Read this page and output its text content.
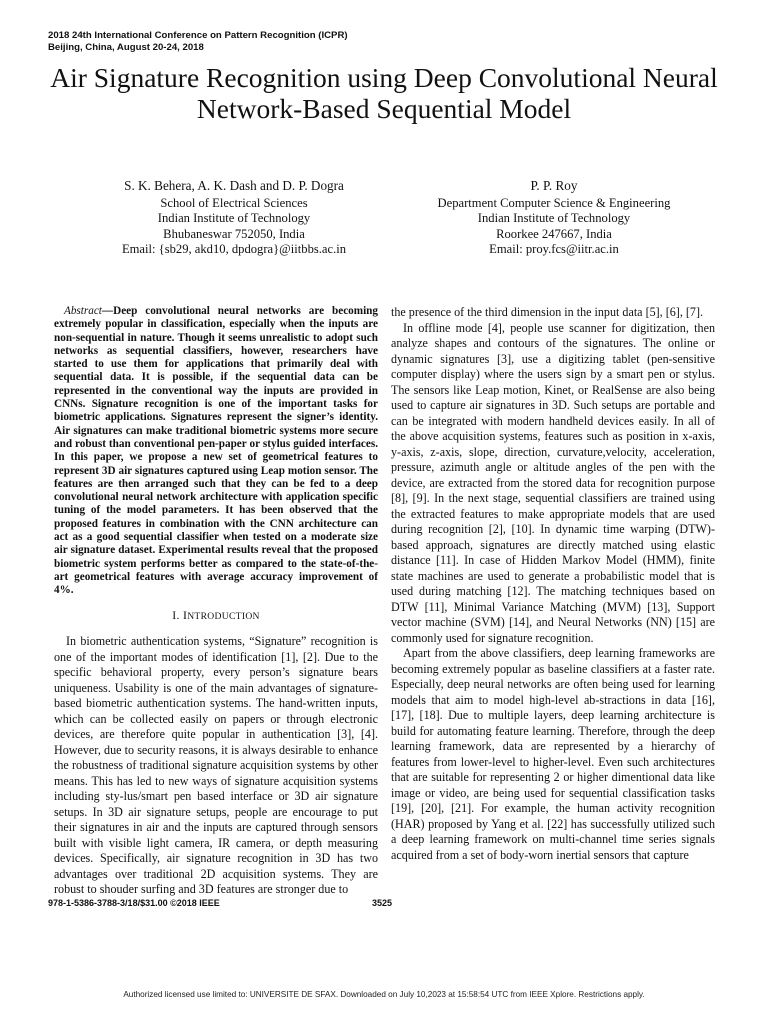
2018 24th International Conference on Pattern Recognition (ICPR)
Beijing, China, August 20-24, 2018
Air Signature Recognition using Deep Convolutional Neural Network-Based Sequential Model
S. K. Behera, A. K. Dash and D. P. Dogra
School of Electrical Sciences
Indian Institute of Technology
Bhubaneswar 752050, India
Email: {sb29, akd10, dpdogra}@iitbbs.ac.in
P. P. Roy
Department Computer Science & Engineering
Indian Institute of Technology
Roorkee 247667, India
Email: proy.fcs@iitr.ac.in

Abstract—Deep convolutional neural networks are becoming extremely popular in classification, especially when the inputs are non-sequential in nature. Though it seems unrealistic to adopt such networks as sequential classifiers, however, researchers have started to use them for applications that primarily deal with sequential data. It is possible, if the sequential data can be represented in the conventional way the inputs are provided in CNNs. Signature recognition is one of the important tasks for biometric applications. Signatures represent the signer’s identity. Air signatures can make traditional biometric systems more secure and robust than conventional pen-paper or stylus guided interfaces. In this paper, we propose a new set of geometrical features to represent 3D air signatures captured using Leap motion sensor. The features are then arranged such that they can be fed to a deep convolutional neural network architecture with application specific tuning of the model parameters. It has been observed that the proposed features in combination with the CNN architecture can act as a good sequential classifier when tested on a moderate size air signature dataset. Experimental results reveal that the proposed biometric system performs better as compared to the state-of-the-art geometrical features with average accuracy improvement of 4%.

I. INTRODUCTION

In biometric authentication systems, “Signature” recognition is one of the important modes of identification [1], [2]. Due to the specific behavioral property, every person’s signature bears uniqueness. Usability is one of the main advantages of signature-based biometric authentication systems. The hand-written inputs, which can be collected easily on papers or through electronic devices, are therefore quite popular in authentication [3], [4]. However, due to security reasons, it is always desirable to enhance the robustness of traditional signature acquisition systems by other means. This has led to new ways of signature acquisition systems including sty-lus/smart pen based interface or 3D air signature setups. In 3D air signature setups, people are encourage to put their signatures in air and the inputs are captured through sensors built with visible light camera, IR camera, or depth measuring devices. Specifically, air signature recognition in 3D has two advantages over traditional 2D acquisition systems. They are robust to shouder surfing and 3D features are stronger due to

the presence of the third dimension in the input data [5], [6], [7].

In offline mode [4], people use scanner for digitization, then analyze shapes and contours of the signatures. The online or dynamic signatures [3], use a digitizing tablet (pen-sensitive computer display) where the users sign by a smart pen or stylus. The sensors like Leap motion, Kinet, or RealSense are also being used to capture air signatures in 3D. Such setups are portable and can be integrated with modern handheld devices easily. In all of the above acquisition systems, features such as position in x-axis, y-axis, z-axis, slope, direction, curvature,velocity, acceleration, pressure, azimuth angle or altitude angles of the pen with the device, are extracted from the stored data for recognition purpose [8], [9]. In the next stage, sequential classifiers are trained using the extracted features to make appropriate models that are used during recognition [2], [10]. In dynamic time warping (DTW)-based approach, signatures are directly matched using elastic distance [11]. In case of Hidden Markov Model (HMM), finite state machines are used to generate a probabilistic model that is used during matching [12]. The matching techniques based on DTW [11], Minimal Variance Matching (MVM) [13], Support vector machine (SVM) [14], and Neural Networks (NN) [15] are commonly used for signature recognition.

Apart from the above classifiers, deep learning frameworks are becoming extremely popular as baseline classifiers at a faster rate. Especially, deep neural networks are often being used for learning models that aim to model high-level ab-stractions in data [16], [17], [18]. Due to multiple layers, deep learning architecture is build for automating feature learning. Therefore, through the deep learning framework, data are represented by a hierarchy of features from lower-level to higher-level. Even such architectures that are suitable for representing 2 or higher dimentional data like image or video, are being used for sequential classification tasks [19], [20], [21]. For example, the human activity recognition (HAR) proposed by Yang et al. [22] has successfully utilized such a deep learning framework on multi-channel time series signals acquired from a set of body-worn inertial sensors that capture

978-1-5386-3788-3/18/$31.00 ©2018 IEEE	3525
Authorized licensed use limited to: UNIVERSITE DE SFAX. Downloaded on July 10,2023 at 15:58:54 UTC from IEEE Xplore. Restrictions apply.
